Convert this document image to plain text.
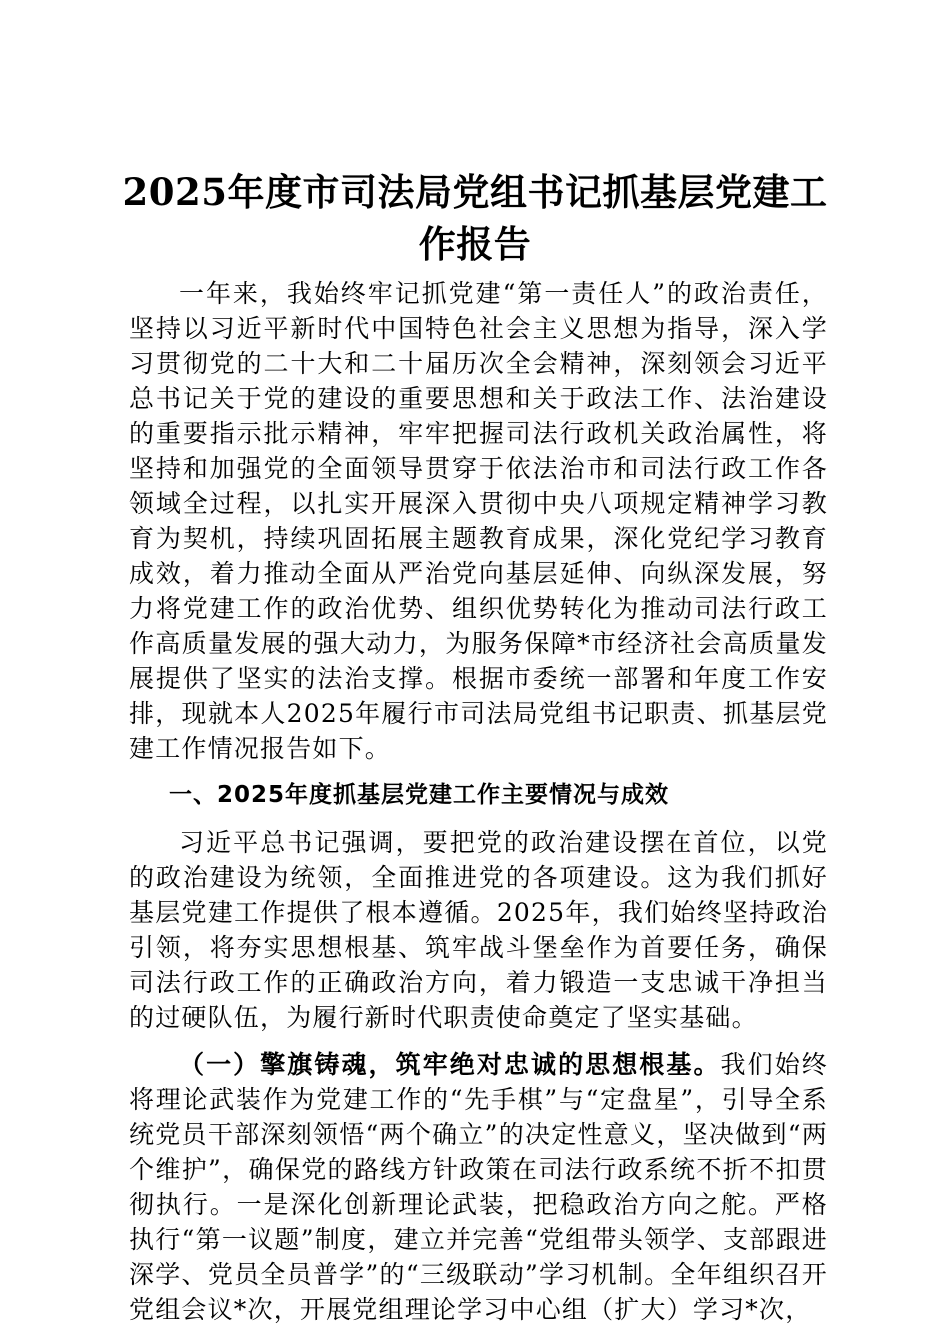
2025年度市司法局党组书记抓基层党建工作报告

一年来，我始终牢记抓党建“第一责任人”的政治责任，坚持以习近平新时代中国特色社会主义思想为指导，深入学习贯彻党的二十大和二十届历次全会精神，深刻领会习近平总书记关于党的建设的重要思想和关于政法工作、法治建设的重要指示批示精神，牢牢把握司法行政机关政治属性，将坚持和加强党的全面领导贯穿于依法治市和司法行政工作各领域全过程，以扎实开展深入贯彻中央八项规定精神学习教育为契机，持续巩固拓展主题教育成果，深化党纪学习教育成效，着力推动全面从严治党向基层延伸、向纵深发展，努力将党建工作的政治优势、组织优势转化为推动司法行政工作高质量发展的强大动力，为服务保障*市经济社会高质量发展提供了坚实的法治支撑。根据市委统一部署和年度工作安排，现就本人2025年履行市司法局党组书记职责、抓基层党建工作情况报告如下。

一、2025年度抓基层党建工作主要情况与成效

习近平总书记强调，要把党的政治建设摆在首位，以党的政治建设为统领，全面推进党的各项建设。这为我们抓好基层党建工作提供了根本遵循。2025年，我们始终坚持政治引领，将夯实思想根基、筑牢战斗堡垒作为首要任务，确保司法行政工作的正确政治方向，着力锻造一支忠诚干净担当的过硬队伍，为履行新时代职责使命奠定了坚实基础。

（一）擎旗铸魂，筑牢绝对忠诚的思想根基。我们始终将理论武装作为党建工作的“先手棋”与“定盘星”，引导全系统党员干部深刻领悟“两个确立”的决定性意义，坚决做到“两个维护”，确保党的路线方针政策在司法行政系统不折不扣贯彻执行。一是深化创新理论武装，把稳政治方向之舵。严格执行“第一议题”制度，建立并完善“党组带头领学、支部跟进深学、党员全员普学”的“三级联动”学习机制。全年组织召开党组会议*次，开展党组理论学习中心组（扩大）学习*次，
